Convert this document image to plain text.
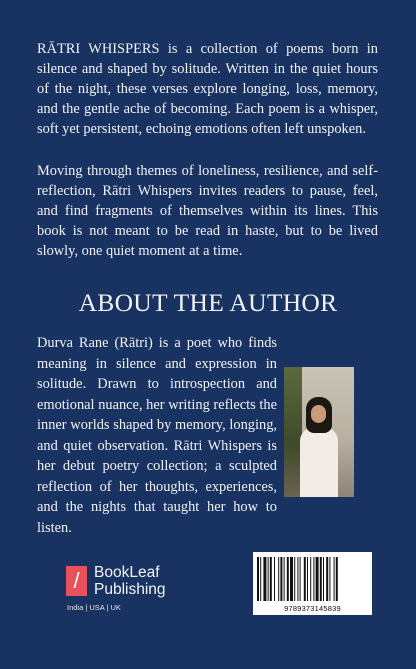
RĀTRI WHISPERS is a collection of poems born in silence and shaped by solitude. Written in the quiet hours of the night, these verses explore longing, loss, memory, and the gentle ache of becoming. Each poem is a whisper, soft yet persistent, echoing emotions often left unspoken.

Moving through themes of loneliness, resilience, and self-reflection, Rātri Whispers invites readers to pause, feel, and find fragments of themselves within its lines. This book is not meant to be read in haste, but to be lived slowly, one quiet moment at a time.

ABOUT THE AUTHOR

Durva Rane (Rātri) is a poet who finds meaning in silence and expression in solitude. Drawn to introspection and emotional nuance, her writing reflects the inner worlds shaped by memory, longing, and quiet observation. Rātri Whispers is her debut poetry collection; a sculpted reflection of her thoughts, experiences, and the nights that taught her how to listen.

/ BookLeaf
Publishing
India | USA | UK	9789373145839
